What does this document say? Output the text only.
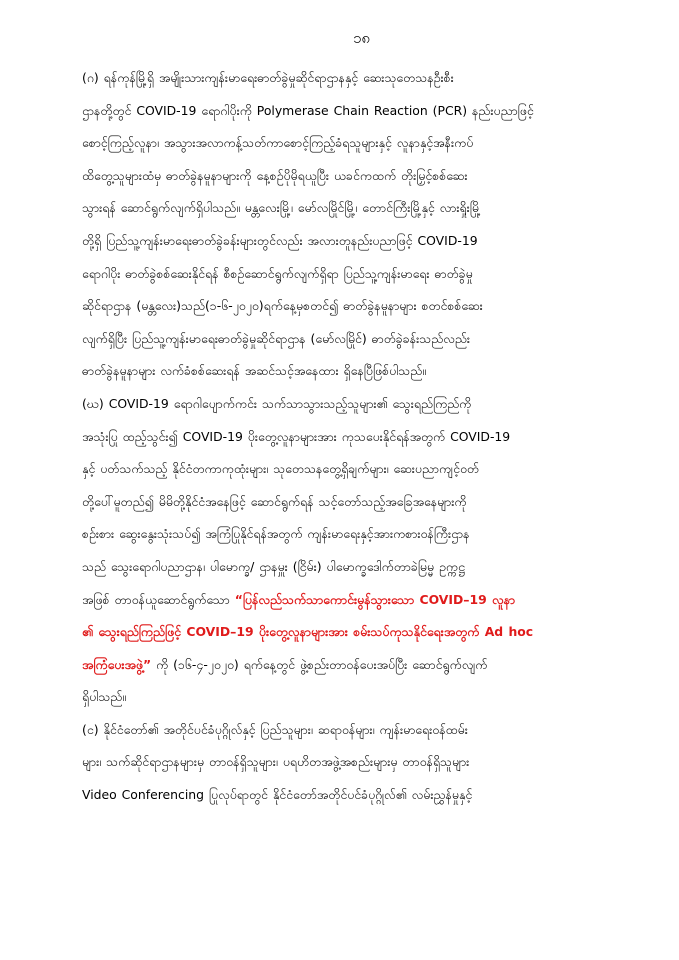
၁၈
(ဂ) ရန်ကုန်မြို့ရှိ အမျိုးသားကျန်းမာရေးဓာတ်ခွဲမှုဆိုင်ရာဌာနနှင့် ဆေးသုတေသနဦးစီး
ဌာနတို့တွင် COVID-19 ရောဂါပိုးကို Polymerase Chain Reaction (PCR) နည်းပညာဖြင့်
စောင့်ကြည့်လူနာ၊ အသွားအလာကန့်သတ်ကာစောင့်ကြည့်ခံရသူများနှင့် လူနာနှင့်အနီးကပ်
ထိတွေ့သူများထံမှ ဓာတ်ခွဲနမူနာများကို နေ့စဉ်ပိုမိုရယူပြီး ယခင်ကထက် တိုးမြှင့်စစ်ဆေး
သွားရန် ဆောင်ရွက်လျက်ရှိပါသည်။ မန္တလေးမြို့၊ မော်လမြိုင်မြို့၊ တောင်ကြီးမြို့နှင့် လားရှိုးမြို့
တို့ရှိ ပြည်သူ့ကျန်းမာရေးဓာတ်ခွဲခန်းများတွင်လည်း အလားတူနည်းပညာဖြင့် COVID-19
ရောဂါပိုး ဓာတ်ခွဲစစ်ဆေးနိုင်ရန် စီစဉ်ဆောင်ရွက်လျက်ရှိရာ ပြည်သူ့ကျန်းမာရေး ဓာတ်ခွဲမှု
ဆိုင်ရာဌာန (မန္တလေး)သည်(၁-၆-၂၀၂၀)ရက်နေ့မှစတင်၍ ဓာတ်ခွဲနမူနာများ စတင်စစ်ဆေး
လျက်ရှိပြီး ပြည်သူ့ကျန်းမာရေးဓာတ်ခွဲမှုဆိုင်ရာဌာန (မော်လမြိုင်) ဓာတ်ခွဲခန်းသည်လည်း
ဓာတ်ခွဲနမူနာများ လက်ခံစစ်ဆေးရန် အဆင်သင့်အနေထား ရှိနေပြီဖြစ်ပါသည်။
(ဃ) COVID-19 ရောဂါပျောက်ကင်း သက်သာသွားသည့်သူများ၏ သွေးရည်ကြည်ကို
အသုံးပြု ထည့်သွင်း၍ COVID-19 ပိုးတွေ့လူနာများအား ကုသပေးနိုင်ရန်အတွက် COVID-19
နှင့် ပတ်သက်သည့် နိုင်ငံတကာကုထုံးများ၊ သုတေသနတွေ့ရှိချက်များ၊ ဆေးပညာကျင့်ဝတ်
တို့ပေါ်မူတည်၍ မိမိတို့နိုင်ငံအနေဖြင့် ဆောင်ရွက်ရန် သင့်တော်သည့်အခြေအနေများကို
စဉ်းစား ဆွေးနွေးသုံးသပ်၍ အကြံပြုနိုင်ရန်အတွက် ကျန်းမာရေးနှင့်အားကစားဝန်ကြီးဌာန
သည် သွေးရောဂါပညာဌာန၊ ပါမောက္ခ/ ဌာနမှူး (ငြိမ်း) ပါမောက္ခဒေါက်တာခဲမြမ္မ ဥက္ကဋ္ဌ
အဖြစ် တာဝန်ယူဆောင်ရွက်သော “ပြန်လည်သက်သာကောင်းမွန်သွားသော COVID–19 လူနာ
၏ သွေးရည်ကြည်ဖြင့် COVID–19 ပိုးတွေ့လူနာများအား စမ်းသပ်ကုသနိုင်ရေးအတွက် Ad hoc
အကြံပေးအဖွဲ့” ကို (၁၆-၄-၂၀၂၀) ရက်နေ့တွင် ဖွဲ့စည်းတာဝန်ပေးအပ်ပြီး ဆောင်ရွက်လျက်
ရှိပါသည်။
(င) နိုင်ငံတော်၏ အတိုင်ပင်ခံပုဂ္ဂိုလ်နှင့် ပြည်သူများ၊ ဆရာဝန်များ၊ ကျန်းမာရေးဝန်ထမ်း
များ၊ သက်ဆိုင်ရာဌာနများမှ တာဝန်ရှိသူများ၊ ပရဟိတအဖွဲ့အစည်းများမှ တာဝန်ရှိသူများ
Video Conferencing ပြုလုပ်ရာတွင် နိုင်ငံတော်အတိုင်ပင်ခံပုဂ္ဂိုလ်၏ လမ်းညွှန်မှုနှင့်
